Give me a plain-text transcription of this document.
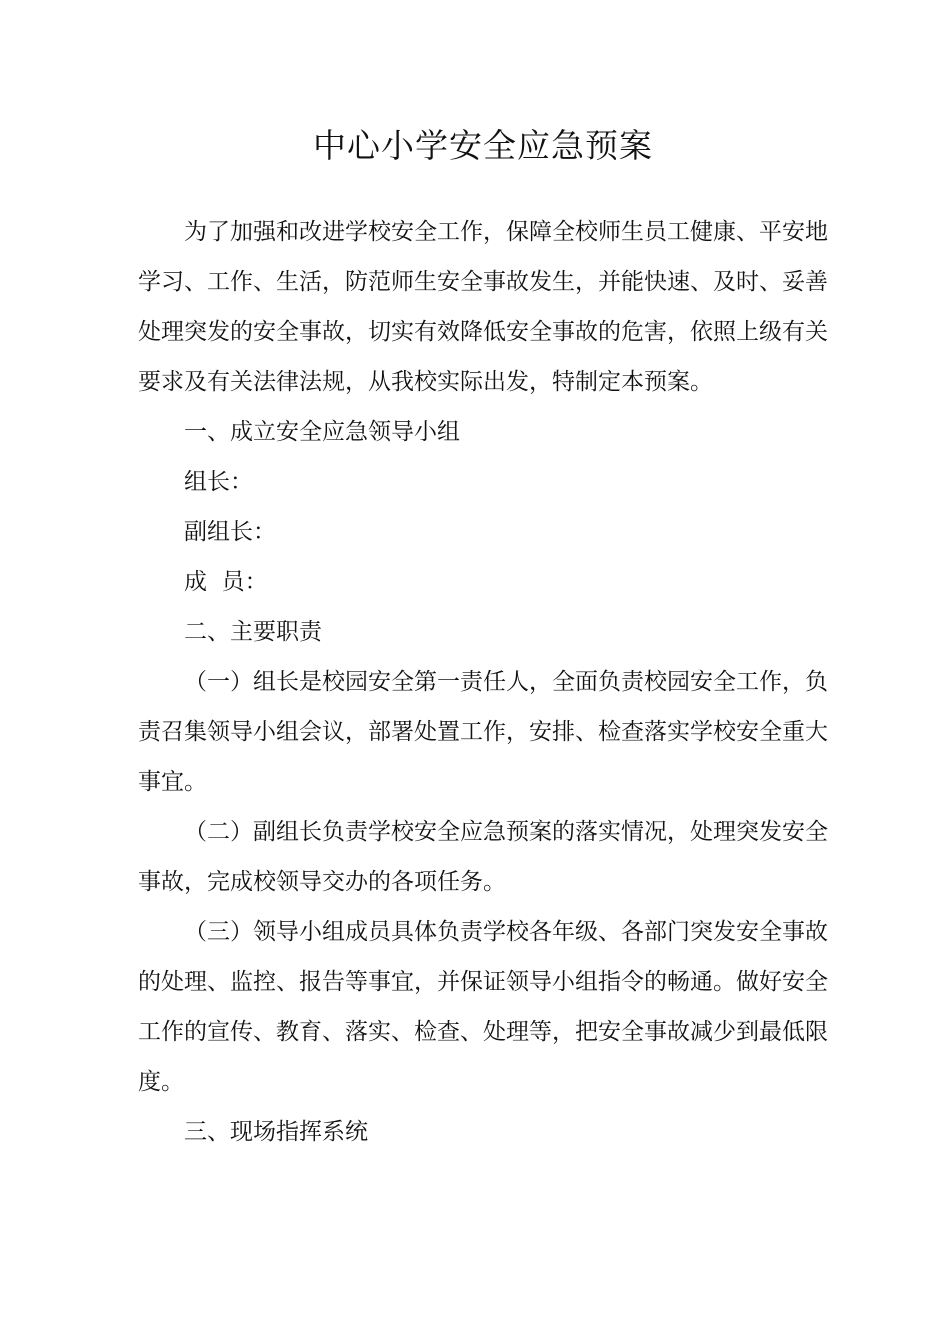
中心小学安全应急预案

为了加强和改进学校安全工作，保障全校师生员工健康、平安地学习、工作、生活，防范师生安全事故发生，并能快速、及时、妥善处理突发的安全事故，切实有效降低安全事故的危害，依照上级有关要求及有关法律法规，从我校实际出发，特制定本预案。

一、成立安全应急领导小组

组长：

副组长：

成  员：

二、主要职责

（一）组长是校园安全第一责任人，全面负责校园安全工作，负责召集领导小组会议，部署处置工作，安排、检查落实学校安全重大事宜。

（二）副组长负责学校安全应急预案的落实情况，处理突发安全事故，完成校领导交办的各项任务。

（三）领导小组成员具体负责学校各年级、各部门突发安全事故的处理、监控、报告等事宜，并保证领导小组指令的畅通。做好安全工作的宣传、教育、落实、检查、处理等，把安全事故减少到最低限度。

三、现场指挥系统
